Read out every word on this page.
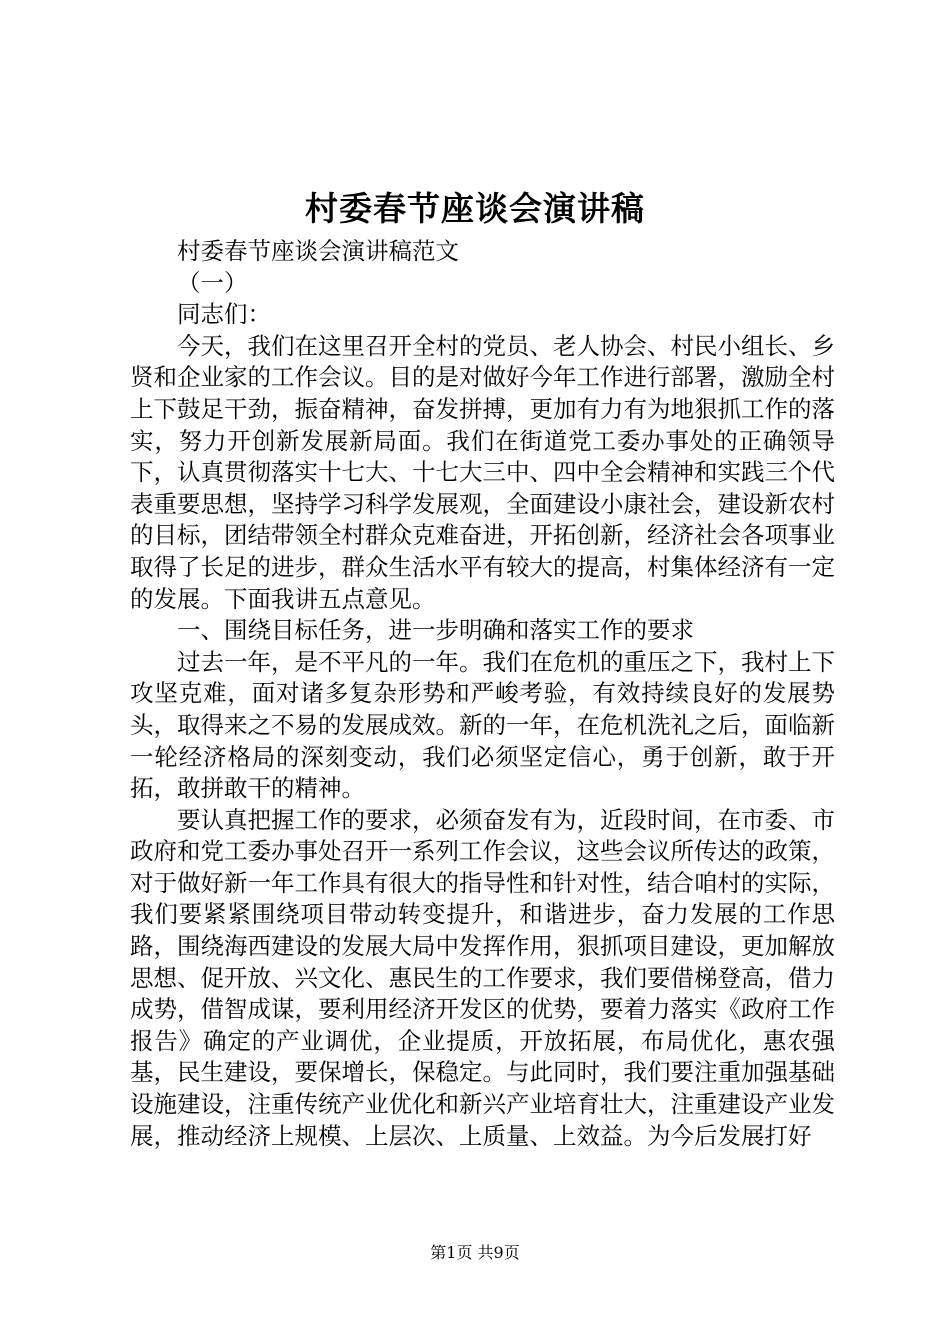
村委春节座谈会演讲稿

村委春节座谈会演讲稿范文

（一）

同志们：

今天，我们在这里召开全村的党员、老人协会、村民小组长、乡贤和企业家的工作会议。目的是对做好今年工作进行部署，激励全村上下鼓足干劲，振奋精神，奋发拼搏，更加有力有为地狠抓工作的落实，努力开创新发展新局面。我们在街道党工委办事处的正确领导下，认真贯彻落实十七大、十七大三中、四中全会精神和实践三个代表重要思想，坚持学习科学发展观，全面建设小康社会，建设新农村的目标，团结带领全村群众克难奋进，开拓创新，经济社会各项事业取得了长足的进步，群众生活水平有较大的提高，村集体经济有一定的发展。下面我讲五点意见。

一、围绕目标任务，进一步明确和落实工作的要求

过去一年，是不平凡的一年。我们在危机的重压之下，我村上下攻坚克难，面对诸多复杂形势和严峻考验，有效持续良好的发展势头，取得来之不易的发展成效。新的一年，在危机洗礼之后，面临新一轮经济格局的深刻变动，我们必须坚定信心，勇于创新，敢于开拓，敢拼敢干的精神。

要认真把握工作的要求，必须奋发有为，近段时间，在市委、市政府和党工委办事处召开一系列工作会议，这些会议所传达的政策，对于做好新一年工作具有很大的指导性和针对性，结合咱村的实际，我们要紧紧围绕项目带动转变提升，和谐进步，奋力发展的工作思路，围绕海西建设的发展大局中发挥作用，狠抓项目建设，更加解放思想、促开放、兴文化、惠民生的工作要求，我们要借梯登高，借力成势，借智成谋，要利用经济开发区的优势，要着力落实《政府工作报告》确定的产业调优，企业提质，开放拓展，布局优化，惠农强基，民生建设，要保增长，保稳定。与此同时，我们要注重加强基础设施建设，注重传统产业优化和新兴产业培育壮大，注重建设产业发展，推动经济上规模、上层次、上质量、上效益。为今后发展打好

第1页 共9页
